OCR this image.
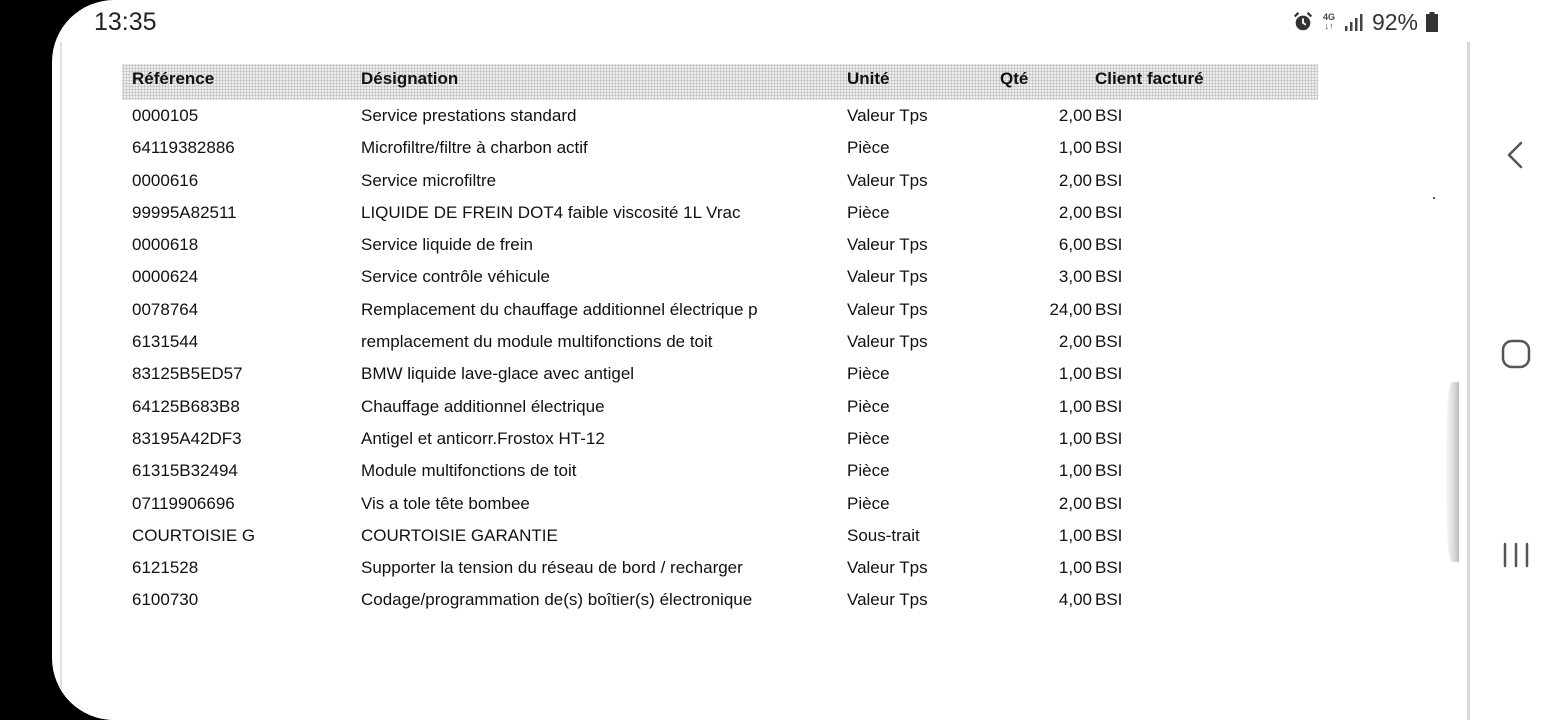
13:35	4G
↓↑ 92%
Référence	Désignation	Unité	Qté	Client facturé
0000105	Service prestations standard	Valeur Tps	2,00 BSI
64119382886	Microfiltre/filtre à charbon actif	Pièce	1,00 BSI
0000616	Service microfiltre	Valeur Tps	2,00 BSI
99995A82511	LIQUIDE DE FREIN DOT4 faible viscosité 1L Vrac	Pièce	2,00 BSI
0000618	Service liquide de frein	Valeur Tps	6,00 BSI
0000624	Service contrôle véhicule	Valeur Tps	3,00 BSI
0078764	Remplacement du chauffage additionnel électrique p	Valeur Tps	24,00 BSI
6131544	remplacement du module multifonctions de toit	Valeur Tps	2,00 BSI
83125B5ED57	BMW liquide lave-glace avec antigel	Pièce	1,00 BSI
64125B683B8	Chauffage additionnel électrique	Pièce	1,00 BSI
83195A42DF3	Antigel et anticorr.Frostox HT-12	Pièce	1,00 BSI
61315B32494	Module multifonctions de toit	Pièce	1,00 BSI
07119906696	Vis a tole tête bombee	Pièce	2,00 BSI
COURTOISIE G	COURTOISIE GARANTIE	Sous-trait	1,00 BSI
6121528	Supporter la tension du réseau de bord / recharger	Valeur Tps	1,00 BSI
6100730	Codage/programmation de(s) boîtier(s) électronique	Valeur Tps	4,00 BSI
